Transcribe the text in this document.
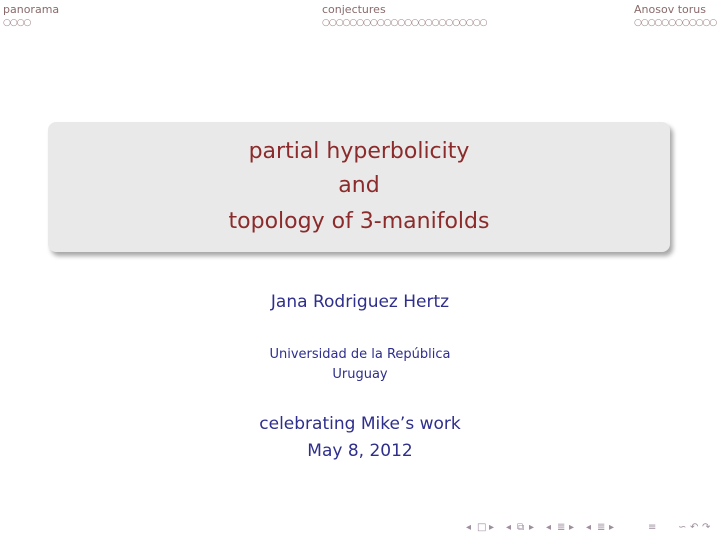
panorama
○○○○
conjectures
○○○○○○○○○○○○○○○○○○○○○○○○
Anosov torus
○○○○○○○○○○○○
partial hyperbolicity
and
topology of 3-manifolds
Jana Rodriguez Hertz
Universidad de la República
Uruguay
celebrating Mike’s work
May 8, 2012
◂ □ ▸ ◂ ⧉ ▸ ◂ ≣ ▸ ◂ ≣ ▸	≡ ∽ ↶ ↷
